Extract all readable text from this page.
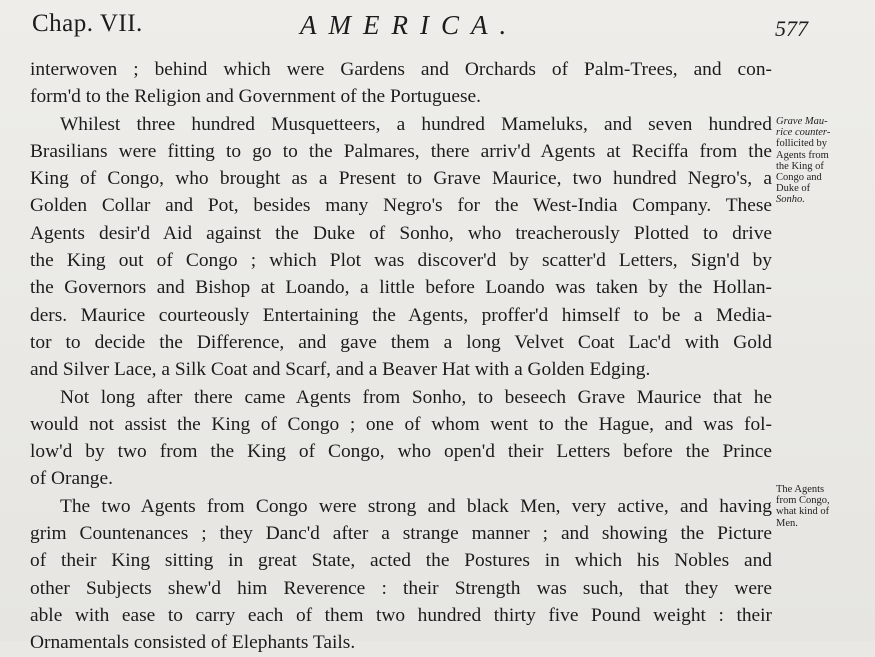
Chap. VII.	AMERICA.	577
interwoven ; behind which were Gardens and Orchards of Palm-Trees, and con-
form'd to the Religion and Government of the Portuguese.
Whilest three hundred Musquetteers, a hundred Mameluks, and seven hundred
Brasilians were fitting to go to the Palmares, there arriv'd Agents at Reciffa from the
King of Congo, who brought as a Present to Grave Maurice, two hundred Negro's, a
Golden Collar and Pot, besides many Negro's for the West-India Company. These
Agents desir'd Aid against the Duke of Sonho, who treacherously Plotted to drive
the King out of Congo ; which Plot was discover'd by scatter'd Letters, Sign'd by
the Governors and Bishop at Loando, a little before Loando was taken by the Hollan-
ders. Maurice courteously Entertaining the Agents, proffer'd himself to be a Media-
tor to decide the Difference, and gave them a long Velvet Coat Lac'd with Gold
and Silver Lace, a Silk Coat and Scarf, and a Beaver Hat with a Golden Edging.
Not long after there came Agents from Sonho, to beseech Grave Maurice that he
would not assist the King of Congo ; one of whom went to the Hague, and was fol-
low'd by two from the King of Congo, who open'd their Letters before the Prince
of Orange.
The two Agents from Congo were strong and black Men, very active, and having
grim Countenances ; they Danc'd after a strange manner ; and showing the Picture
of their King sitting in great State, acted the Postures in which his Nobles and
other Subjects shew'd him Reverence : their Strength was such, that they were
able with ease to carry each of them two hundred thirty five Pound weight : their
Ornamentals consisted of Elephants Tails.
Grave Mau-
rice counter-
follicited by
Agents from
the King of
Congo and
Duke of
Sonho.
The Agents
from Congo,
what kind of
Men.
